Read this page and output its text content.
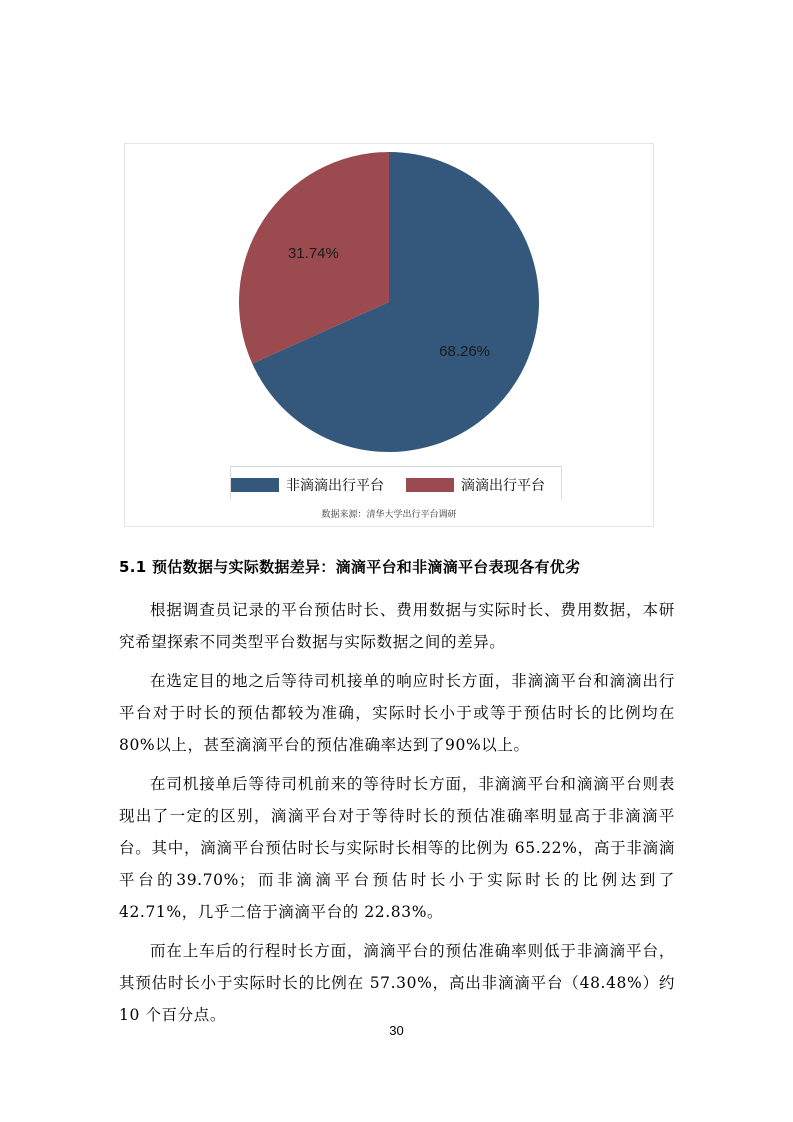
68.26%
31.74%
非滴滴出行平台	滴滴出行平台
数据来源：清华大学出行平台调研
5.1 预估数据与实际数据差异：滴滴平台和非滴滴平台表现各有优劣

根据调查员记录的平台预估时长、费用数据与实际时长、费用数据，本研究希望探索不同类型平台数据与实际数据之间的差异。

在选定目的地之后等待司机接单的响应时长方面，非滴滴平台和滴滴出行平台对于时长的预估都较为准确，实际时长小于或等于预估时长的比例均在80%以上，甚至滴滴平台的预估准确率达到了90%以上。

在司机接单后等待司机前来的等待时长方面，非滴滴平台和滴滴平台则表现出了一定的区别，滴滴平台对于等待时长的预估准确率明显高于非滴滴平台。其中，滴滴平台预估时长与实际时长相等的比例为 65.22%，高于非滴滴平台的39.70%；而非滴滴平台预估时长小于实际时长的比例达到了 42.71%，几乎二倍于滴滴平台的 22.83%。

而在上车后的行程时长方面，滴滴平台的预估准确率则低于非滴滴平台，其预估时长小于实际时长的比例在 57.30%，高出非滴滴平台（48.48%）约 10 个百分点。

30
